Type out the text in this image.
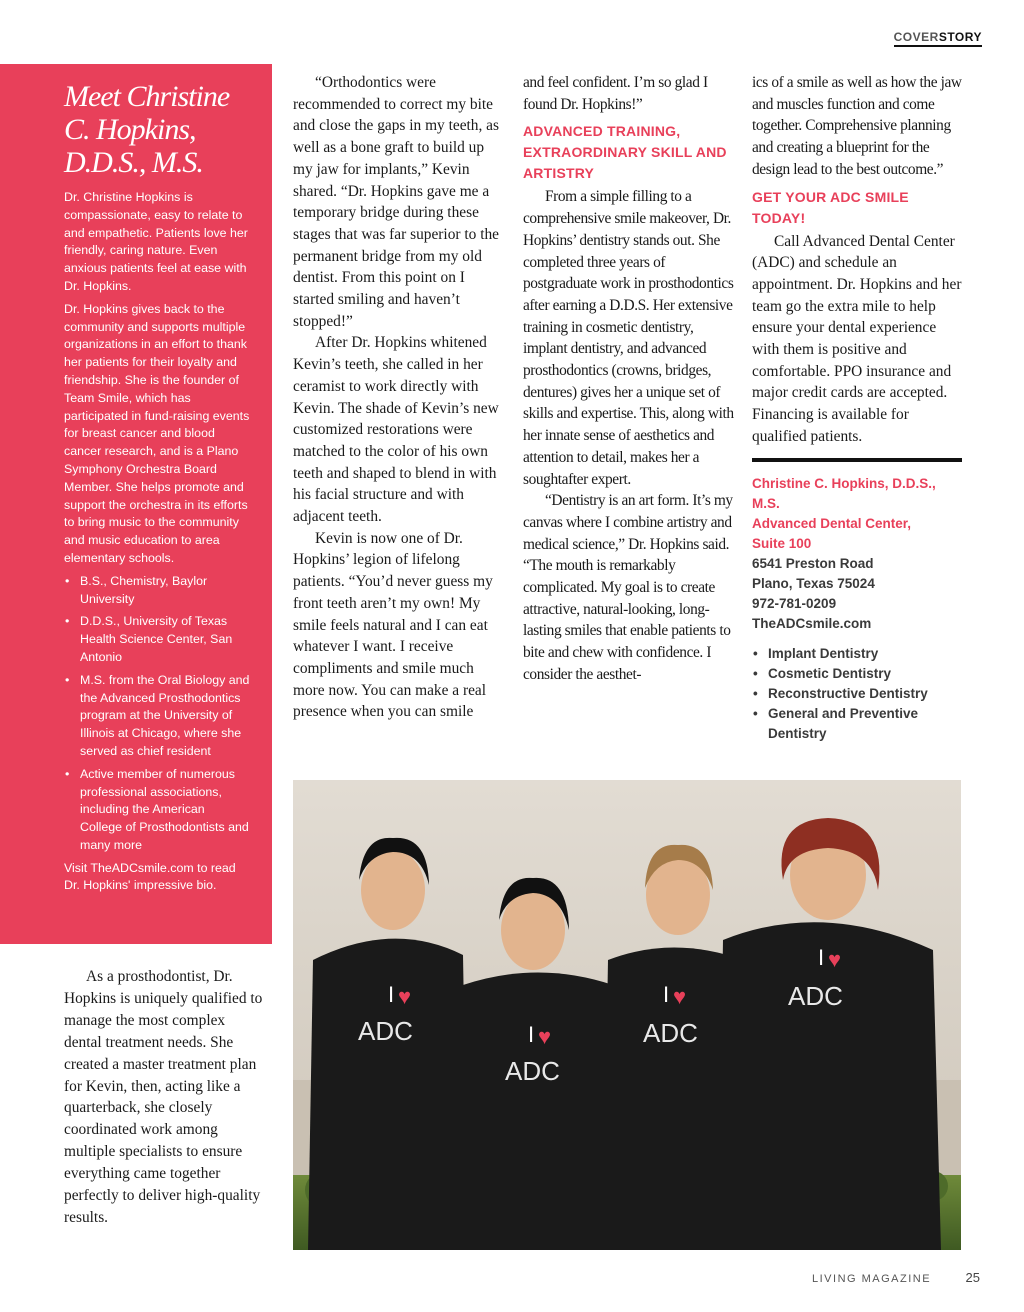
COVERSTORY
Meet Christine C. Hopkins, D.D.S., M.S.

Dr. Christine Hopkins is compassionate, easy to relate to and empathetic. Patients love her friendly, caring nature. Even anxious patients feel at ease with Dr. Hopkins.

Dr. Hopkins gives back to the community and supports multiple organizations in an effort to thank her patients for their loyalty and friendship. She is the founder of Team Smile, which has participated in fund-raising events for breast cancer and blood cancer research, and is a Plano Symphony Orchestra Board Member. She helps promote and support the orchestra in its efforts to bring music to the community and music education to area elementary schools.

• B.S., Chemistry, Baylor University
• D.D.S., University of Texas Health Science Center, San Antonio
• M.S. from the Oral Biology and the Advanced Prosthodontics program at the University of Illinois at Chicago, where she served as chief resident
• Active member of numerous professional associations, including the American College of Prosthodontists and many more

Visit TheADCsmile.com to read Dr. Hopkins' impressive bio.

As a prosthodontist, Dr. Hopkins is uniquely qualified to manage the most complex dental treatment needs. She created a master treatment plan for Kevin, then, acting like a quarterback, she closely coordinated work among multiple specialists to ensure everything came together perfectly to deliver high-quality results.

“Orthodontics were recommended to correct my bite and close the gaps in my teeth, as well as a bone graft to build up my jaw for implants,” Kevin shared. “Dr. Hopkins gave me a temporary bridge during these stages that was far superior to the permanent bridge from my old dentist. From this point on I started smiling and haven’t stopped!”

After Dr. Hopkins whitened Kevin’s teeth, she called in her ceramist to work directly with Kevin. The shade of Kevin’s new customized restorations were matched to the color of his own teeth and shaped to blend in with his facial structure and with adjacent teeth.

Kevin is now one of Dr. Hopkins’ legion of lifelong patients. “You’d never guess my front teeth aren’t my own! My smile feels natural and I can eat whatever I want. I receive compliments and smile much more now. You can make a real presence when you can smile

and feel confident. I’m so glad I found Dr. Hopkins!”

ADVANCED TRAINING, EXTRAORDINARY SKILL AND ARTISTRY

From a simple filling to a comprehensive smile makeover, Dr. Hopkins’ dentistry stands out. She completed three years of postgraduate work in prosthodontics after earning a D.D.S. Her extensive training in cosmetic dentistry, implant dentistry, and advanced prosthodontics (crowns, bridges, dentures) gives her a unique set of skills and expertise. This, along with her innate sense of aesthetics and attention to detail, makes her a soughtafter expert.

“Dentistry is an art form. It’s my canvas where I combine artistry and medical science,” Dr. Hopkins said. “The mouth is remarkably complicated. My goal is to create attractive, natural-looking, long-lasting smiles that enable patients to bite and chew with confidence. I consider the aesthet-

ics of a smile as well as how the jaw and muscles function and come together. Comprehensive planning and creating a blueprint for the design lead to the best outcome.”

GET YOUR ADC SMILE TODAY!

Call Advanced Dental Center (ADC) and schedule an appointment. Dr. Hopkins and her team go the extra mile to help ensure your dental experience with them is positive and comfortable. PPO insurance and major credit cards are accepted. Financing is available for qualified patients.

Christine C. Hopkins, D.D.S., M.S.
Advanced Dental Center,
Suite 100
6541 Preston Road
Plano, Texas 75024
972-781-0209
TheADCsmile.com
• Implant Dentistry
• Cosmetic Dentistry
• Reconstructive Dentistry
• General and Preventive Dentistry
ADC
ADC
ADC
ADC
I ♥
I ♥
I ♥
I ♥
LIVING MAGAZINE	25
